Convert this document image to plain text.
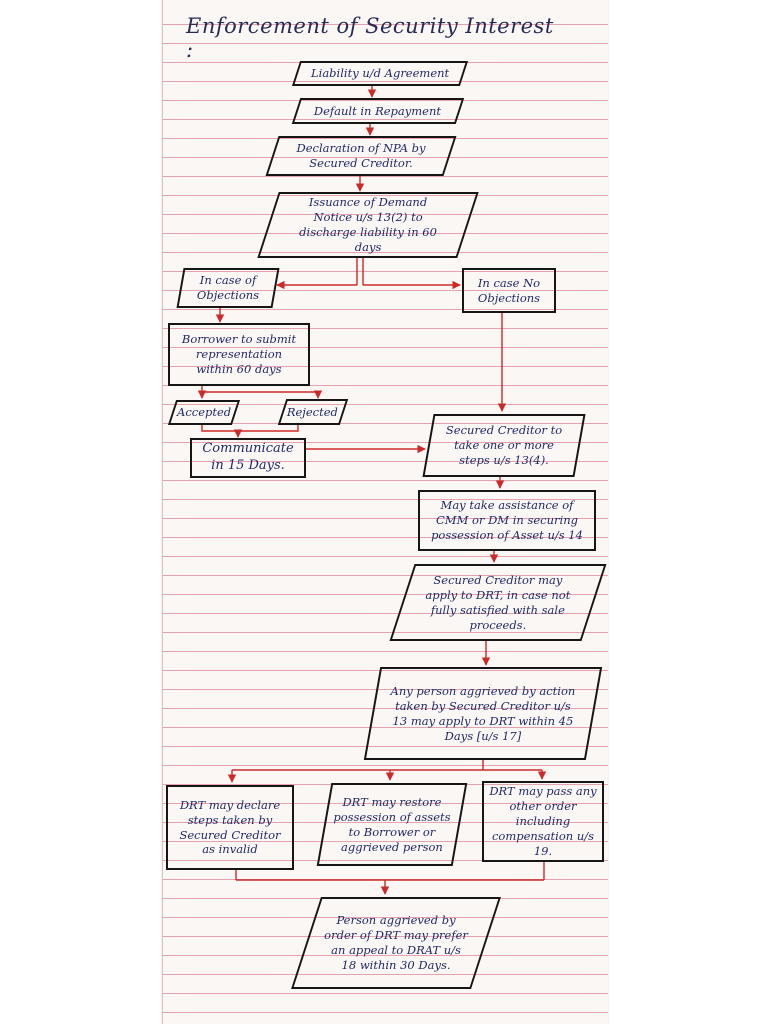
Enforcement of Security Interest :
Liability u/d Agreement
Default in Repayment
Declaration of NPA by Secured Creditor.
Issuance of Demand Notice u/s 13(2) to discharge liability in 60 days
In case of Objections
In case No Objections
Borrower to submit representation within 60 days
Accepted	Rejected
Communicate in 15 Days.
Secured Creditor to take one or more steps u/s 13(4).
May take assistance of CMM or DM in securing possession of Asset u/s 14
Secured Creditor may apply to DRT, in case not fully satisfied with sale proceeds.
Any person aggrieved by action taken by Secured Creditor u/s 13 may apply to DRT within 45 Days [u/s 17]
DRT may declare steps taken by Secured Creditor as invalid
DRT may restore possession of assets to Borrower or aggrieved person
DRT may pass any other order including compensation u/s 19.
Person aggrieved by order of DRT may prefer an appeal to DRAT u/s 18 within 30 Days.
